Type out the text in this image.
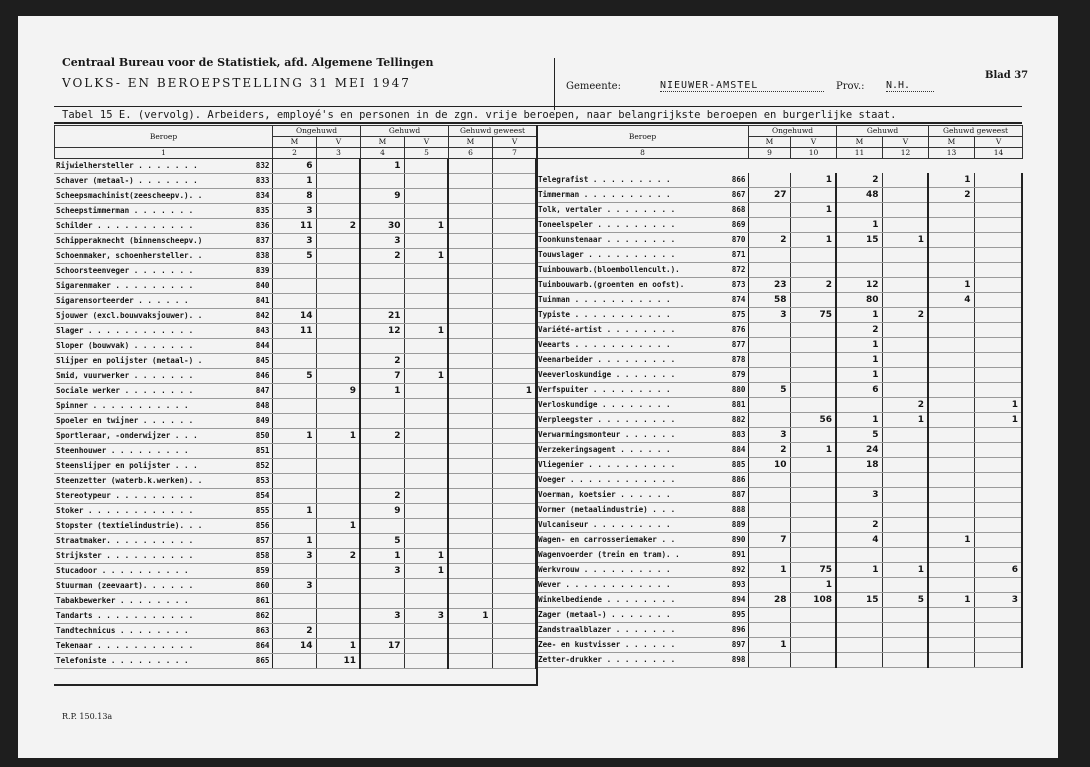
Centraal Bureau voor de Statistiek, afd. Algemene Tellingen
VOLKS- EN BEROEPSTELLING 31 MEI 1947	Gemeente:	NIEUWER-AMSTEL	Prov.: N.H.
Blad 37
Tabel 15 E. (vervolg). Arbeiders, employé's en personen in de zgn. vrije beroepen, naar belangrijkste beroepen en burgerlijke staat.
Beroep	Ongehuwd		Gehuwd		Gehuwd geweest	
	M	V	M	V	M	V
1	2	3	4	5	6	7
Beroep	Ongehuwd		Gehuwd		Gehuwd geweest	
	M	V	M	V	M	V
8	9	10	11	12	13	14
Rijwielhersteller . . . . . . . 832	6		1			

Schaver (metaal-) . . . . . . . 833	1					

Scheepsmachinist(zeescheepv.). . 834	8		9			

Scheepstimmerman . . . . . . . 835	3					

Schilder . . . . . . . . . . . 836	11	2	30	1		

Schipperaknecht (binnenscheepv.) 837	3		3			

Schoenmaker, schoenhersteller. . 838	5		2	1		

Schoorsteenveger . . . . . . . 839						

Sigarenmaker . . . . . . . . . 840						

Sigarensorteerder . . . . . . 841						

Sjouwer (excl.bouwvaksjouwer). . 842	14		21			

Slager . . . . . . . . . . . . 843	11		12	1		

Sloper (bouwvak) . . . . . . . 844						

Slijper en polijster (metaal-) . 845			2			

Smid, vuurwerker . . . . . . . 846	5		7	1		

Sociale werker . . . . . . . . 847		9	1			1

Spinner . . . . . . . . . . . 848						

Spoeler en twijner . . . . . . 849						

Sportleraar, -onderwijzer . . . 850	1	1	2			

Steenhouwer . . . . . . . . . 851						

Steenslijper en polijster . . . 852						

Steenzetter (waterb.k.werken). . 853						

Stereotypeur . . . . . . . . . 854			2			

Stoker . . . . . . . . . . . . 855	1		9			

Stopster (textielindustrie). . . 856		1				

Straatmaker. . . . . . . . . . 857	1		5			

Strijkster . . . . . . . . . . 858	3	2	1	1		

Stucadoor . . . . . . . . . . 859			3	1		

Stuurman (zeevaart). . . . . . 860	3					

Tabakbewerker . . . . . . . . 861						

Tandarts . . . . . . . . . . . 862			3	3	1	

Tandtechnicus . . . . . . . . 863	2					

Tekenaar . . . . . . . . . . . 864	14	1	17			

Telefoniste . . . . . . . . . 865		11				
Telegrafist . . . . . . . . . 866		1	2		1	

Timmerman . . . . . . . . . . 867	27		48		2	

Tolk, vertaler . . . . . . . . 868		1				

Toneelspeler . . . . . . . . . 869			1			

Toonkunstenaar . . . . . . . . 870	2	1	15	1		

Touwslager . . . . . . . . . . 871						

Tuinbouwarb.(bloembollencult.). 872						

Tuinbouwarb.(groenten en oofst). 873	23	2	12		1	

Tuinman . . . . . . . . . . . 874	58		80		4	

Typiste . . . . . . . . . . . 875	3	75	1	2		

Variété-artist . . . . . . . . 876			2			

Veearts . . . . . . . . . . . 877			1			

Veenarbeider . . . . . . . . . 878			1			

Veeverloskundige . . . . . . . 879			1			

Verfspuiter . . . . . . . . . 880	5		6			

Verloskundige . . . . . . . . 881				2		1

Verpleegster . . . . . . . . . 882		56	1	1		1

Verwarmingsmonteur . . . . . . 883	3		5			

Verzekeringsagent . . . . . . 884	2	1	24			

Vliegenier . . . . . . . . . . 885	10		18			

Voeger . . . . . . . . . . . . 886						

Voerman, koetsier . . . . . . 887			3			

Vormer (metaalindustrie) . . . 888						

Vulcaniseur . . . . . . . . . 889			2			

Wagen- en carrosseriemaker . . 890	7		4		1	

Wagenvoerder (trein en tram). . 891						

Werkvrouw . . . . . . . . . . 892	1	75	1	1		6

Wever . . . . . . . . . . . . 893		1				

Winkelbediende . . . . . . . . 894	28	108	15	5	1	3

Zager (metaal-) . . . . . . . 895						

Zandstraalblazer . . . . . . . 896						

Zee- en kustvisser . . . . . . 897	1					

Zetter-drukker . . . . . . . . 898						

R.P. 150.13a
